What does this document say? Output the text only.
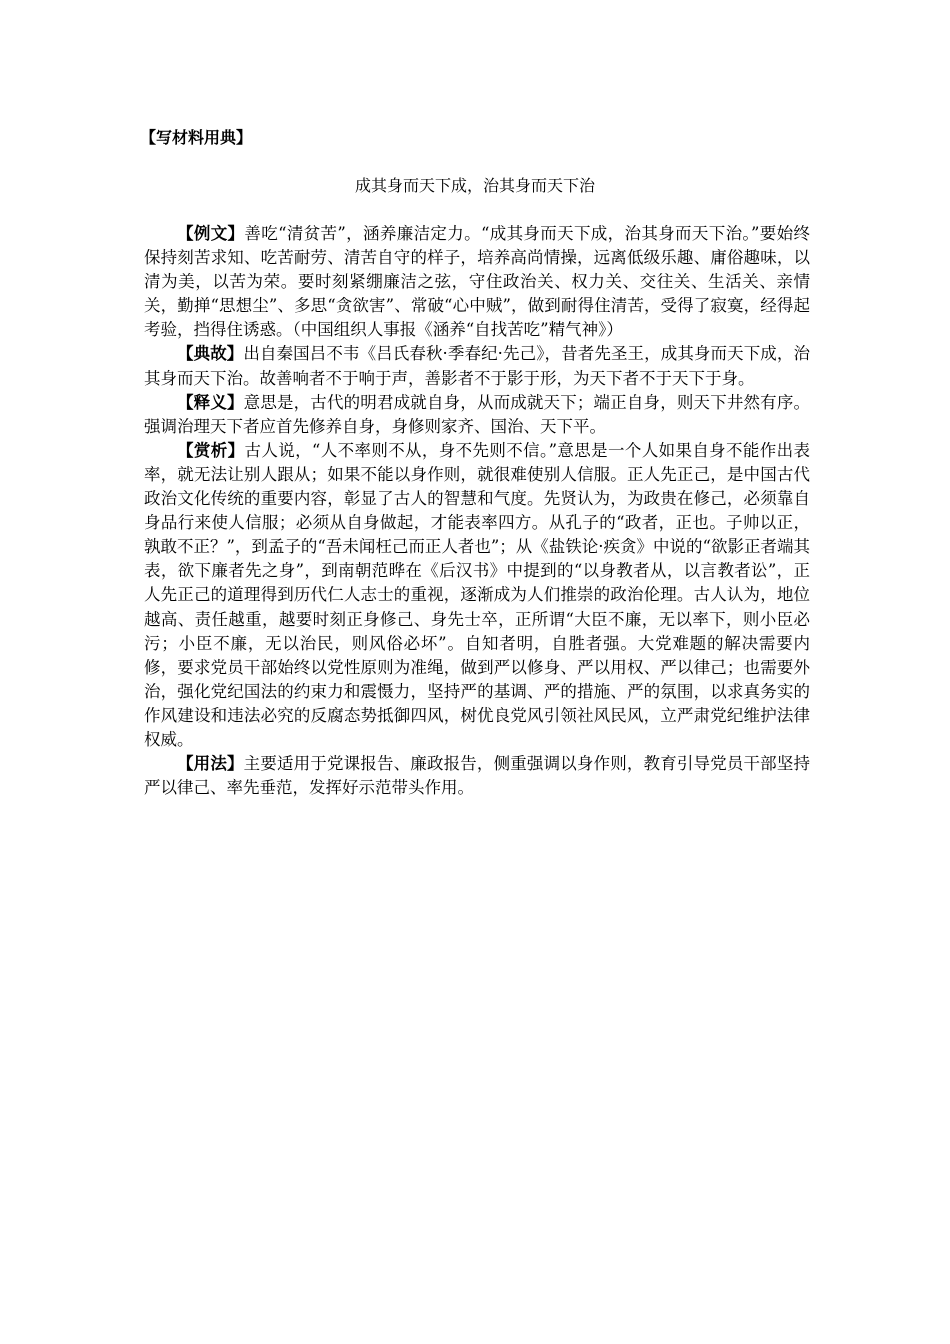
【写材料用典】
成其身而天下成，治其身而天下治

【例文】善吃“清贫苦”，涵养廉洁定力。“成其身而天下成，治其身而天下治。”要始终保持刻苦求知、吃苦耐劳、清苦自守的样子，培养高尚情操，远离低级乐趣、庸俗趣味，以清为美，以苦为荣。要时刻紧绷廉洁之弦，守住政治关、权力关、交往关、生活关、亲情关，勤掸“思想尘”、多思“贪欲害”、常破“心中贼”，做到耐得住清苦，受得了寂寞，经得起考验，挡得住诱惑。（中国组织人事报《涵养“自找苦吃”精气神》）

【典故】出自秦国吕不韦《吕氏春秋·季春纪·先己》，昔者先圣王，成其身而天下成，治其身而天下治。故善响者不于响于声，善影者不于影于形，为天下者不于天下于身。

【释义】意思是，古代的明君成就自身，从而成就天下；端正自身，则天下井然有序。强调治理天下者应首先修养自身，身修则家齐、国治、天下平。

【赏析】古人说，“人不率则不从，身不先则不信。”意思是一个人如果自身不能作出表率，就无法让别人跟从；如果不能以身作则，就很难使别人信服。正人先正己，是中国古代政治文化传统的重要内容，彰显了古人的智慧和气度。先贤认为，为政贵在修己，必须靠自身品行来使人信服；必须从自身做起，才能表率四方。从孔子的“政者，正也。子帅以正，孰敢不正？”，到孟子的“吾未闻枉己而正人者也”；从《盐铁论·疾贪》中说的“欲影正者端其表，欲下廉者先之身”，到南朝范晔在《后汉书》中提到的“以身教者从，以言教者讼”，正人先正己的道理得到历代仁人志士的重视，逐渐成为人们推崇的政治伦理。古人认为，地位越高、责任越重，越要时刻正身修己、身先士卒，正所谓“大臣不廉，无以率下，则小臣必污；小臣不廉，无以治民，则风俗必坏”。自知者明，自胜者强。大党难题的解决需要内修，要求党员干部始终以党性原则为准绳，做到严以修身、严以用权、严以律己；也需要外治，强化党纪国法的约束力和震慑力，坚持严的基调、严的措施、严的氛围，以求真务实的作风建设和违法必究的反腐态势抵御四风，树优良党风引领社风民风，立严肃党纪维护法律权威。

【用法】主要适用于党课报告、廉政报告，侧重强调以身作则，教育引导党员干部坚持严以律己、率先垂范，发挥好示范带头作用。
